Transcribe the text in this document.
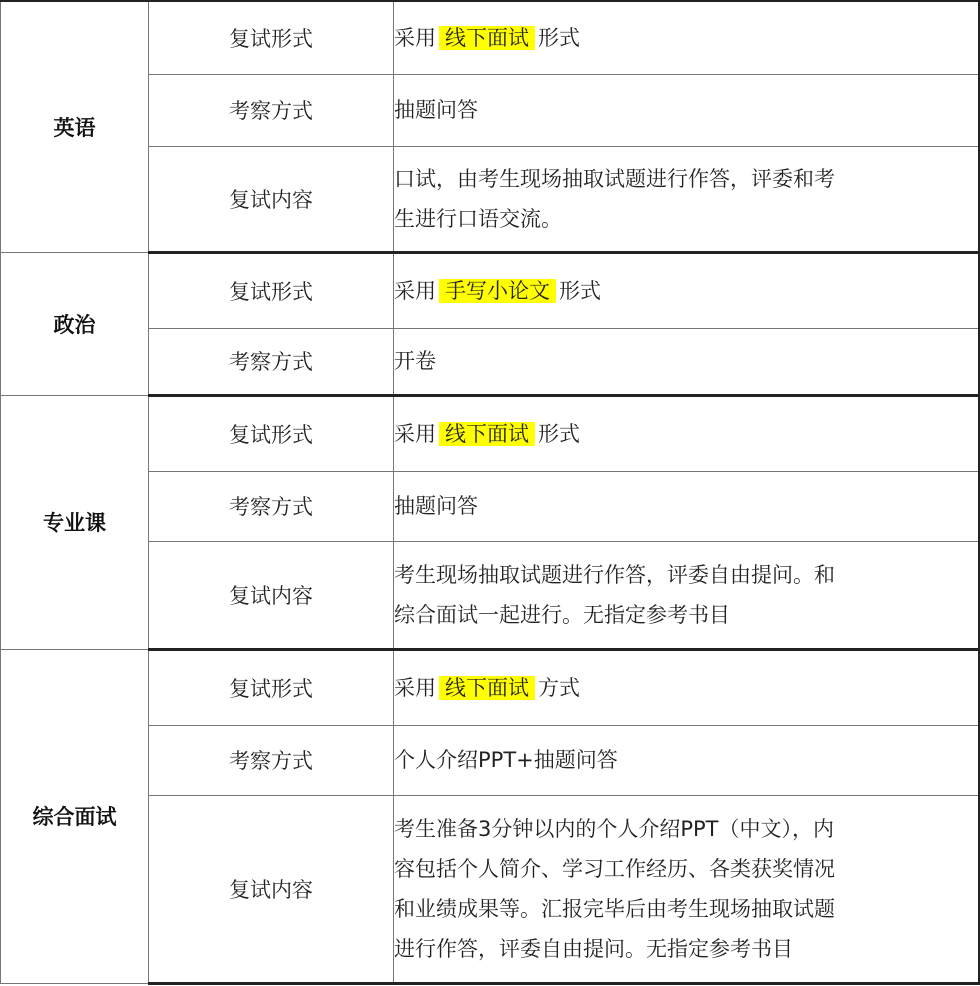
英语	复试形式	采用 线下面试 形式
	考察方式	抽题问答
	复试内容	口试，由考生现场抽取试题进行作答，评委和考
生进行口语交流。
政治	复试形式	采用 手写小论文 形式
	考察方式	开卷
专业课	复试形式	采用 线下面试 形式
	考察方式	抽题问答
	复试内容	考生现场抽取试题进行作答，评委自由提问。和
综合面试一起进行。无指定参考书目
综合面试	复试形式	采用 线下面试 方式
	考察方式	个人介绍PPT+抽题问答
	复试内容	考生准备3分钟以内的个人介绍PPT（中文），内
容包括个人简介、学习工作经历、各类获奖情况
和业绩成果等。汇报完毕后由考生现场抽取试题
进行作答，评委自由提问。无指定参考书目
